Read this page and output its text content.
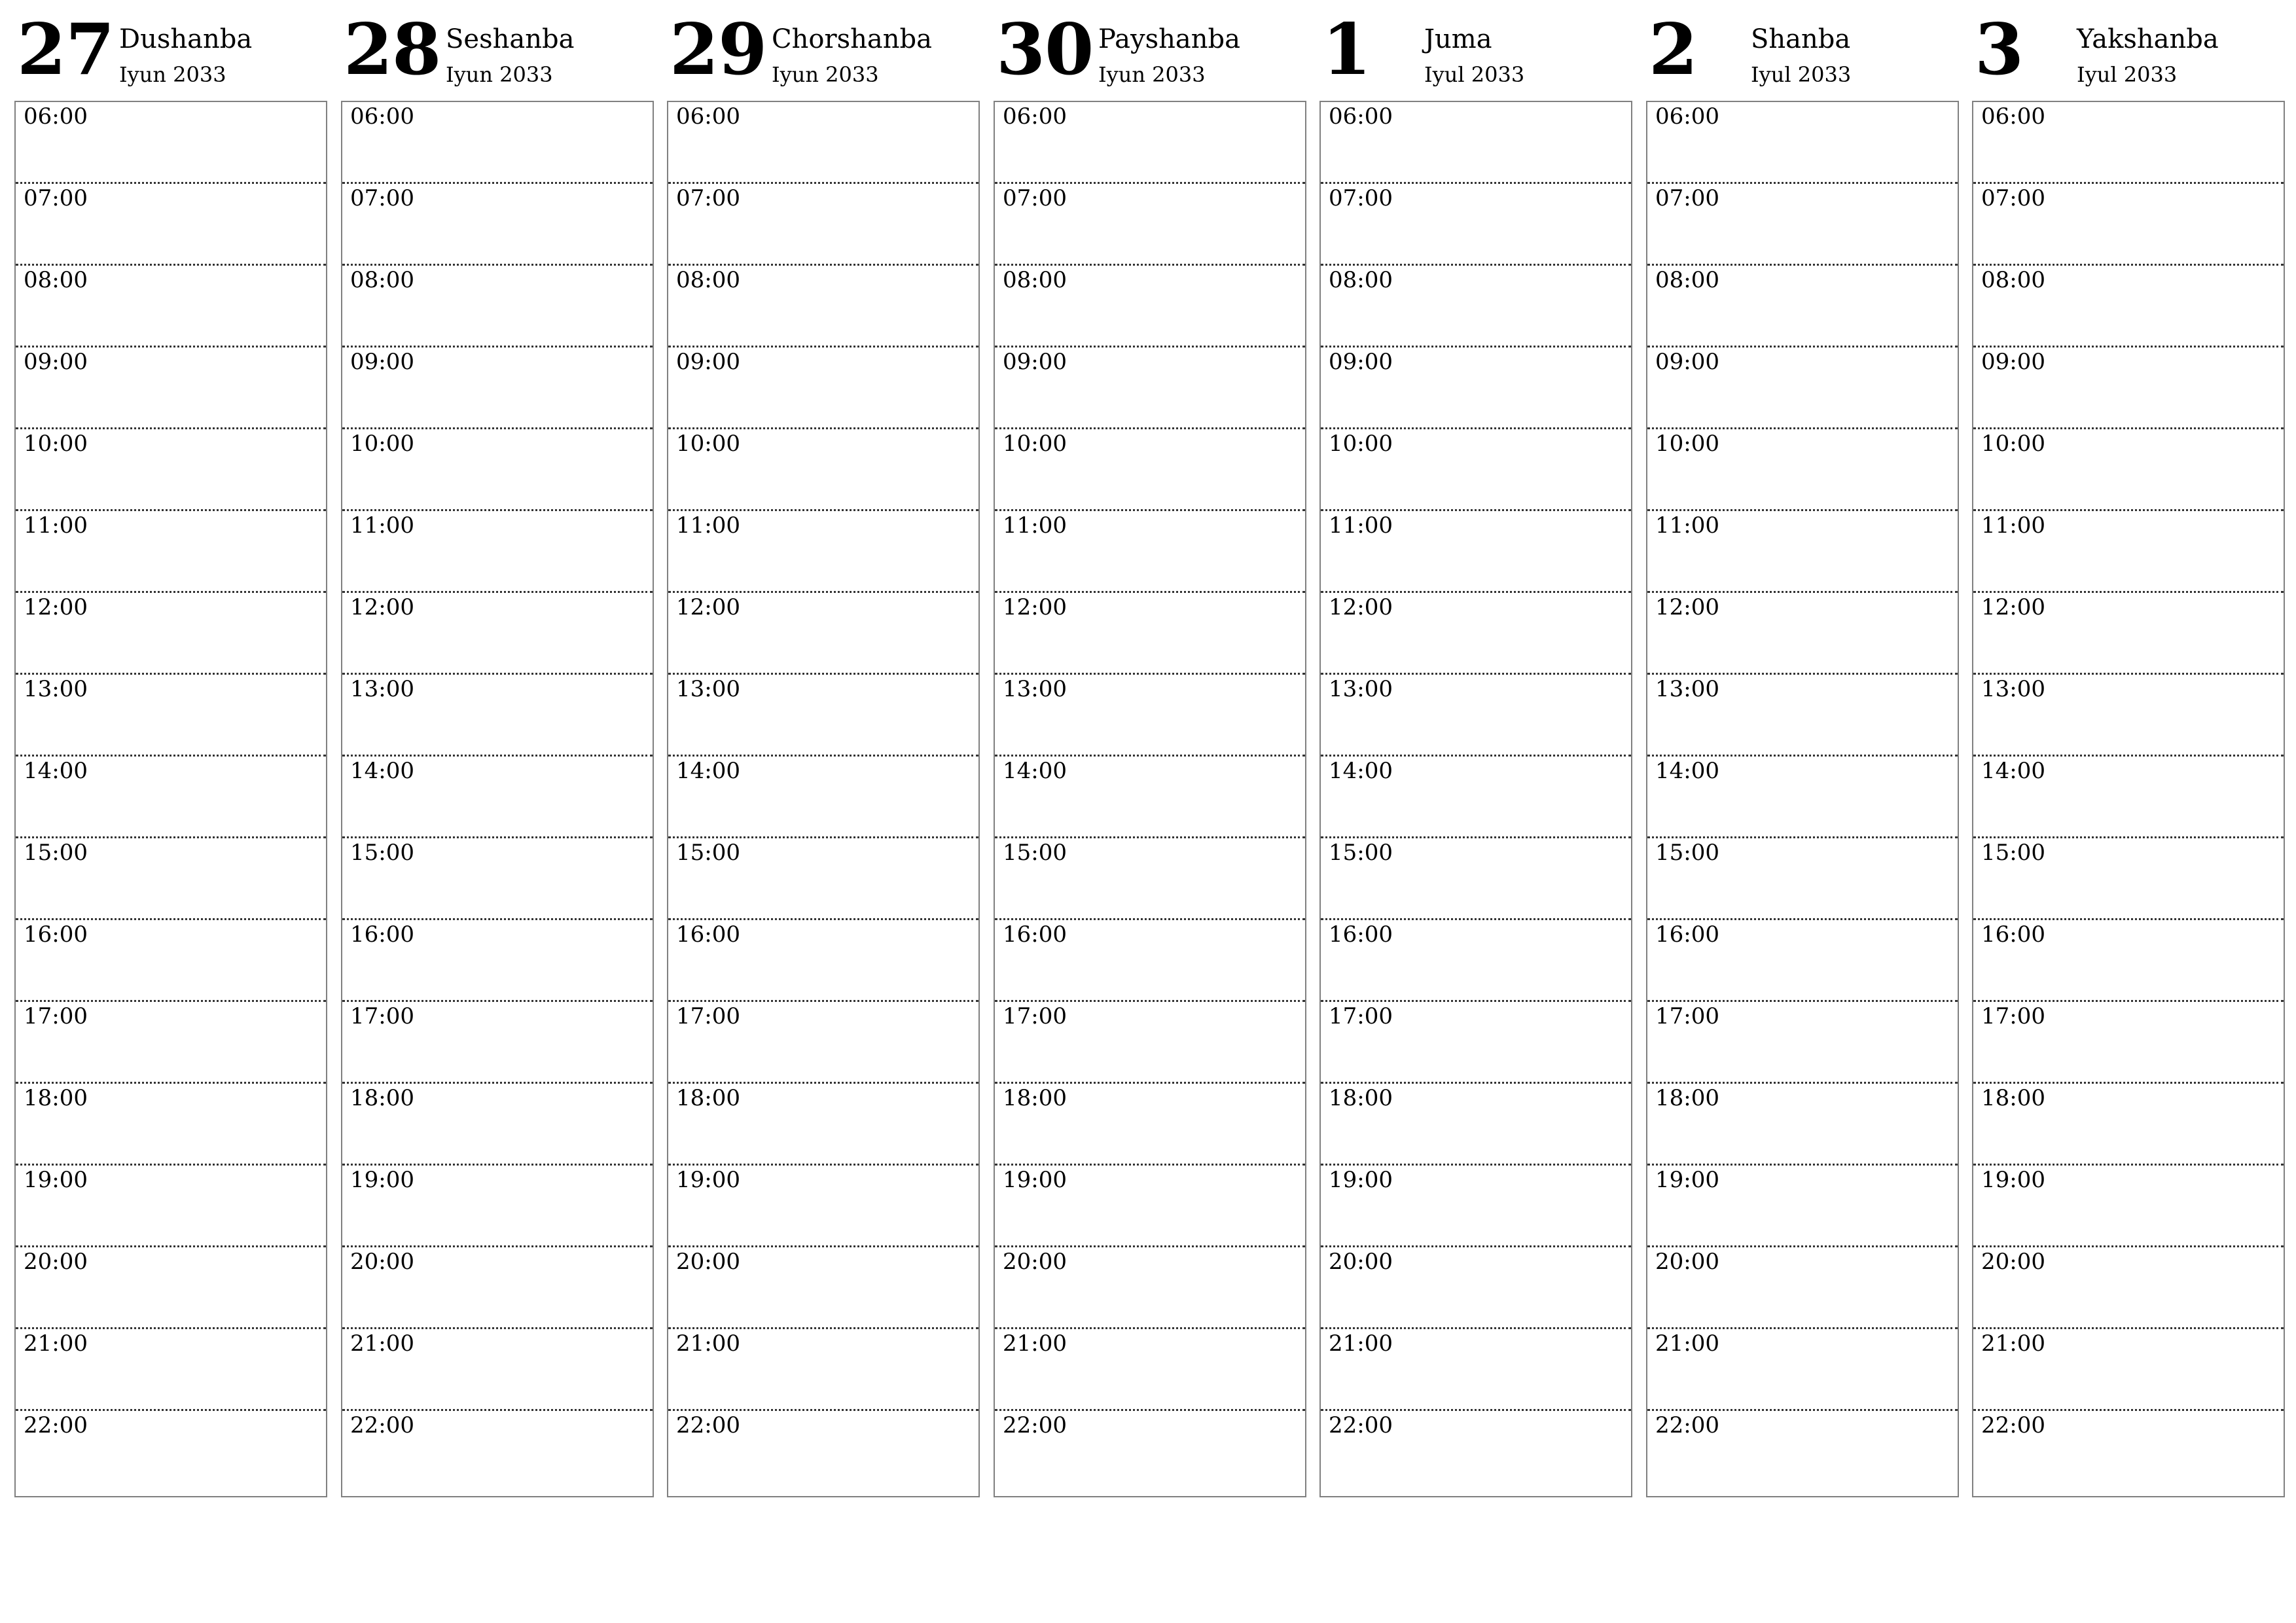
27 Dushanba
Iyun 2033
06:00
07:00
08:00
09:00
10:00
11:00
12:00
13:00
14:00
15:00
16:00
17:00
18:00
19:00
20:00
21:00
22:00
28 Seshanba
Iyun 2033
06:00
07:00
08:00
09:00
10:00
11:00
12:00
13:00
14:00
15:00
16:00
17:00
18:00
19:00
20:00
21:00
22:00
29 Chorshanba
Iyun 2033
06:00
07:00
08:00
09:00
10:00
11:00
12:00
13:00
14:00
15:00
16:00
17:00
18:00
19:00
20:00
21:00
22:00
30 Payshanba
Iyun 2033
06:00
07:00
08:00
09:00
10:00
11:00
12:00
13:00
14:00
15:00
16:00
17:00
18:00
19:00
20:00
21:00
22:00
1 Juma
Iyul 2033
06:00
07:00
08:00
09:00
10:00
11:00
12:00
13:00
14:00
15:00
16:00
17:00
18:00
19:00
20:00
21:00
22:00
2 Shanba
Iyul 2033
06:00
07:00
08:00
09:00
10:00
11:00
12:00
13:00
14:00
15:00
16:00
17:00
18:00
19:00
20:00
21:00
22:00
3 Yakshanba
Iyul 2033
06:00
07:00
08:00
09:00
10:00
11:00
12:00
13:00
14:00
15:00
16:00
17:00
18:00
19:00
20:00
21:00
22:00
